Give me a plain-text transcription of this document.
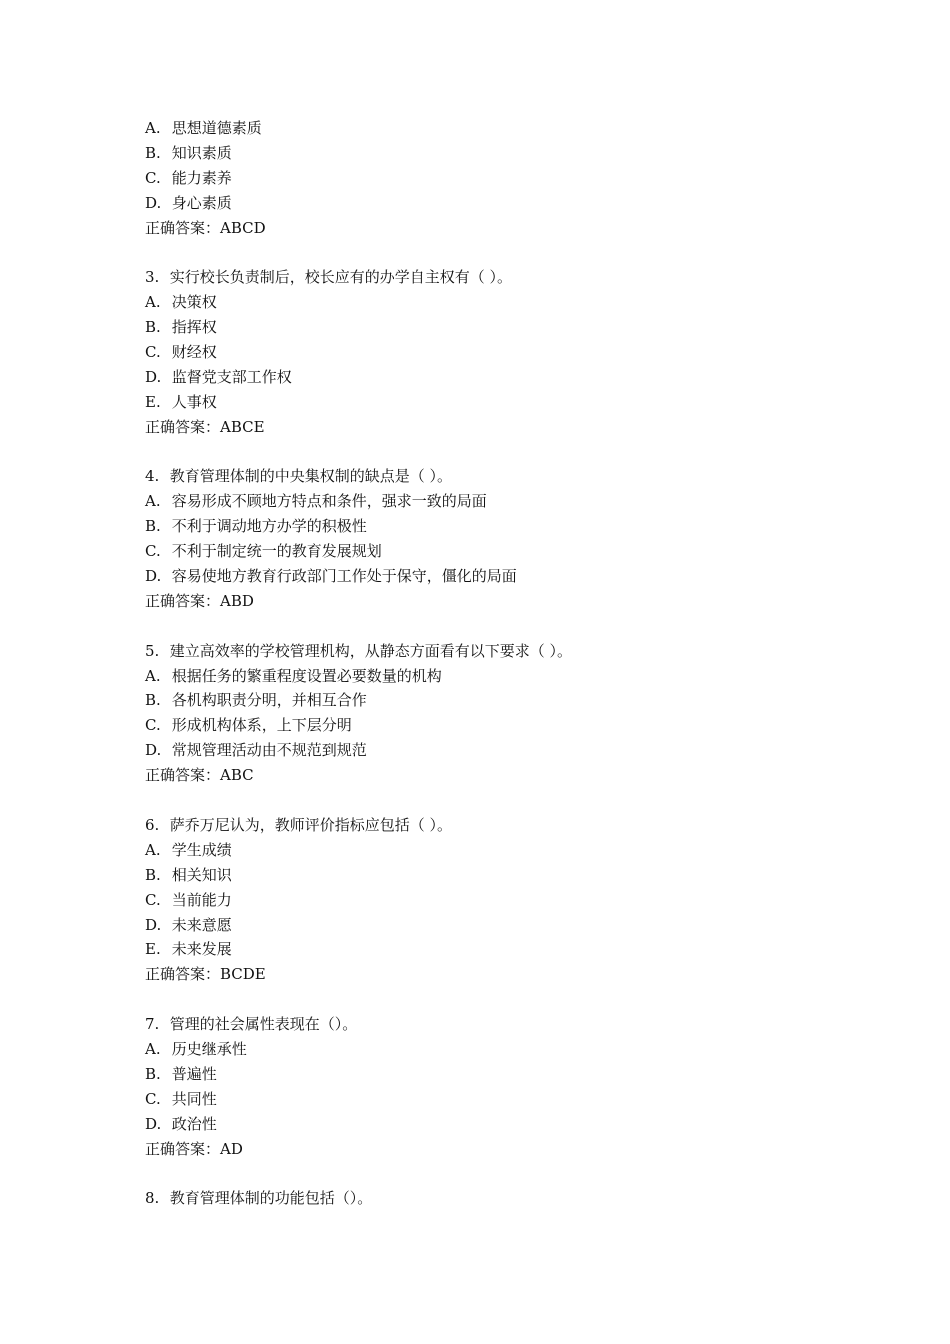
A. 思想道德素质
B. 知识素质
C. 能力素养
D. 身心素质
正确答案：ABCD
3. 实行校长负责制后，校长应有的办学自主权有（ ）。
A. 决策权
B. 指挥权
C. 财经权
D. 监督党支部工作权
E. 人事权
正确答案：ABCE
4. 教育管理体制的中央集权制的缺点是（ ）。
A. 容易形成不顾地方特点和条件，强求一致的局面
B. 不利于调动地方办学的积极性
C. 不利于制定统一的教育发展规划
D. 容易使地方教育行政部门工作处于保守，僵化的局面
正确答案：ABD
5. 建立高效率的学校管理机构，从静态方面看有以下要求（ ）。
A. 根据任务的繁重程度设置必要数量的机构
B. 各机构职责分明，并相互合作
C. 形成机构体系，上下层分明
D. 常规管理活动由不规范到规范
正确答案：ABC
6. 萨乔万尼认为，教师评价指标应包括（ ）。
A. 学生成绩
B. 相关知识
C. 当前能力
D. 未来意愿
E. 未来发展
正确答案：BCDE
7. 管理的社会属性表现在（）。
A. 历史继承性
B. 普遍性
C. 共同性
D. 政治性
正确答案：AD
8. 教育管理体制的功能包括（）。
